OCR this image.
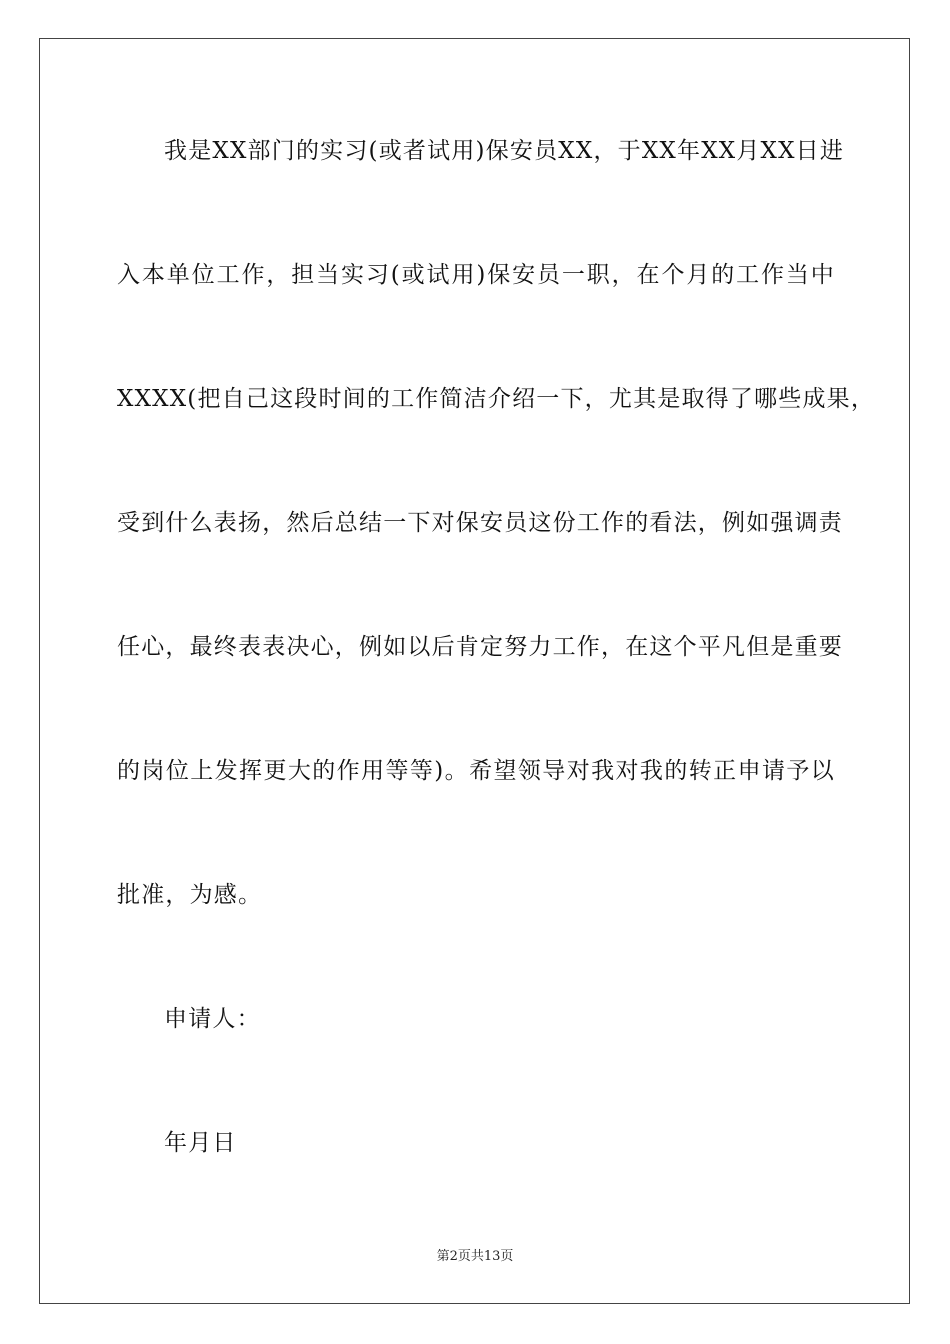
我是XX部门的实习(或者试用)保安员XX，于XX年XX月XX日进
入本单位工作，担当实习(或试用)保安员一职，在个月的工作当中
XXXX(把自己这段时间的工作简洁介绍一下，尤其是取得了哪些成果，
受到什么表扬，然后总结一下对保安员这份工作的看法，例如强调责
任心，最终表表决心，例如以后肯定努力工作，在这个平凡但是重要
的岗位上发挥更大的作用等等)。希望领导对我对我的转正申请予以
批准，为感。
申请人：
年月日
第2页共13页
